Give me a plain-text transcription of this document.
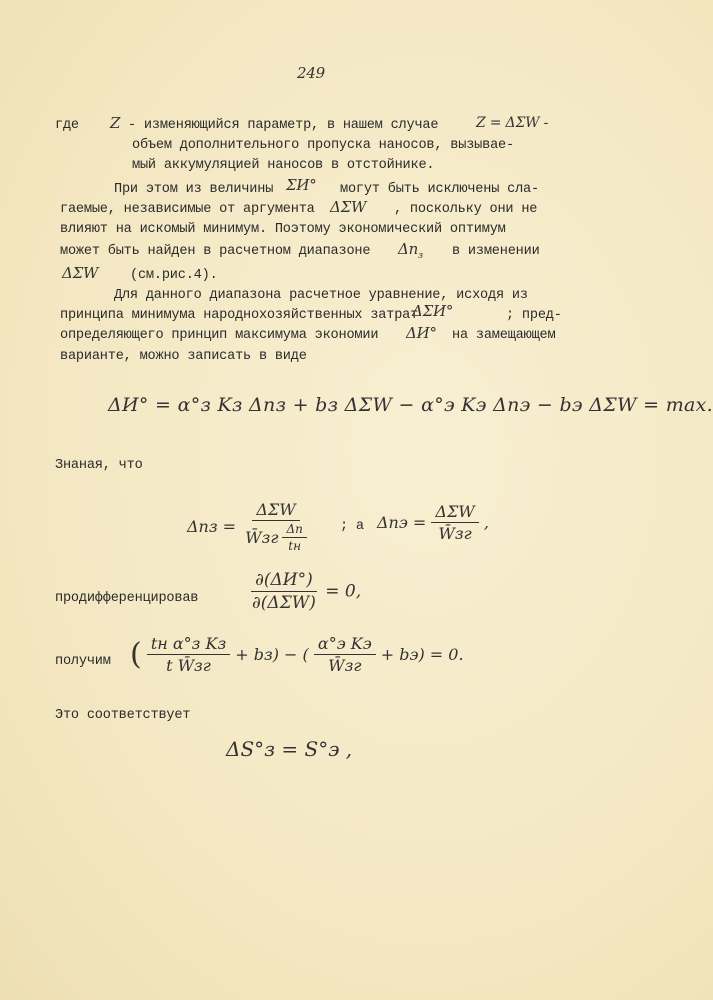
249
где Z - изменяющийся параметр, в нашем случае	Z = ΔΣW -
объем дополнительного пропуска наносов, вызывае-
мый аккумуляцией наносов в отстойнике.
При этом из величины ΣИ° могут быть исключены сла-
гаемые, независимые от аргумента ΔΣW , поскольку они не
влияют на искомый минимум. Поэтому экономический оптимум
может быть найден в расчетном диапазоне $\Delta n_з$ в изменении
ΔΣW (см.рис.4).
Для данного диапазона расчетное уравнение, исходя из
принципа минимума народнохозяйственных затрат
ΔΣИ°	; пред-
определяющего принцип максимума экономии ΔИ° на замещающем
варианте, можно записать в виде
ΔИ° = α°з Kз Δnз + bз ΔΣW − α°э Kэ Δnэ − bэ ΔΣW = max.
Знаная, что
$\Delta nз = \frac{\text{ΔΣW}}{W̄зг \frac{\Delta n}{tн}}$ ; а $\Delta nэ = \frac{\text{ΔΣW}}{W̄зг}$ ,
продифференцировав	$\frac{\partial(\Delta И^\circ)}{\text{∂(ΔΣW)}} = 0$,
получим ( $\frac{\text{tн α°з Kз}}{\text{t W̄зг}} + bз$) − ( $\frac{\text{α°э Kэ}}{W̄зг} + bэ) = 0$.
Это соответствует
ΔS°з = S°э ,
